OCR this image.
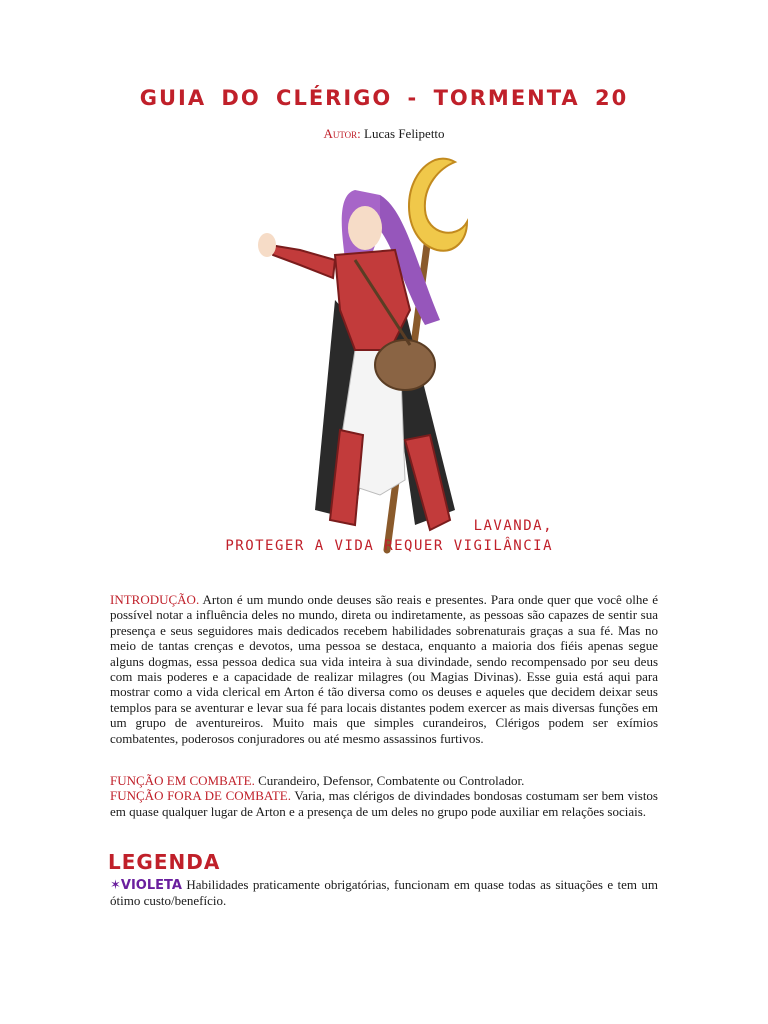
GUIA DO CLÉRIGO - TORMENTA 20
Autor: Lucas Felipetto
LAVANDA,
PROTEGER A VIDA REQUER VIGILÂNCIA
INTRODUÇÃO. Arton é um mundo onde deuses são reais e presentes. Para onde quer que você olhe é possível notar a influência deles no mundo, direta ou indiretamente, as pessoas são capazes de sentir sua presença e seus seguidores mais dedicados recebem habilidades sobrenaturais graças a sua fé. Mas no meio de tantas crenças e devotos, uma pessoa se destaca, enquanto a maioria dos fiéis apenas segue alguns dogmas, essa pessoa dedica sua vida inteira à sua divindade, sendo recompensado por seu deus com mais poderes e a capacidade de realizar milagres (ou Magias Divinas). Esse guia está aqui para mostrar como a vida clerical em Arton é tão diversa como os deuses e aqueles que decidem deixar seus templos para se aventurar e levar sua fé para locais distantes podem exercer as mais diversas funções em um grupo de aventureiros. Muito mais que simples curandeiros, Clérigos podem ser exímios combatentes, poderosos conjuradores ou até mesmo assassinos furtivos.
FUNÇÃO EM COMBATE. Curandeiro, Defensor, Combatente ou Controlador.
FUNÇÃO FORA DE COMBATE. Varia, mas clérigos de divindades bondosas costumam ser bem vistos em quase qualquer lugar de Arton e a presença de um deles no grupo pode auxiliar em relações sociais.
LEGENDA
✶VIOLETA Habilidades praticamente obrigatórias, funcionam em quase todas as situações e tem um ótimo custo/benefício.
